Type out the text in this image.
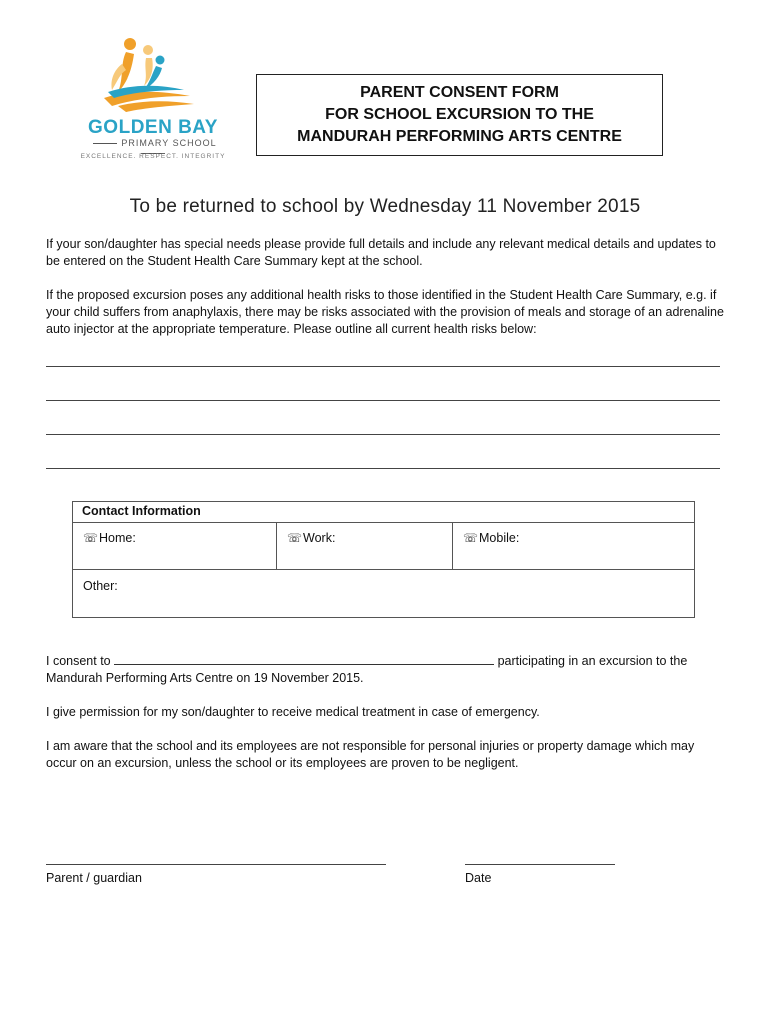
GOLDEN BAY
PRIMARY SCHOOL
EXCELLENCE. RESPECT. INTEGRITY
PARENT CONSENT FORM
FOR SCHOOL EXCURSION TO THE
MANDURAH PERFORMING ARTS CENTRE
To be returned to school by Wednesday 11 November 2015
If your son/daughter has special needs please provide full details and include any relevant medical details and updates to be entered on the Student Health Care Summary kept at the school.
If the proposed excursion poses any additional health risks to those identified in the Student Health Care Summary, e.g. if your child suffers from anaphylaxis, there may be risks associated with the provision of meals and storage of an adrenaline auto injector at the appropriate temperature. Please outline all current health risks below:
Contact Information
☏Home:	☏Work:	☏Mobile:
Other:
I consent to	participating in an excursion to the
Mandurah Performing Arts Centre on 19 November 2015.
I give permission for my son/daughter to receive medical treatment in case of emergency.
I am aware that the school and its employees are not responsible for personal injuries or property damage which may occur on an excursion, unless the school or its employees are proven to be negligent.
Parent / guardian	Date
